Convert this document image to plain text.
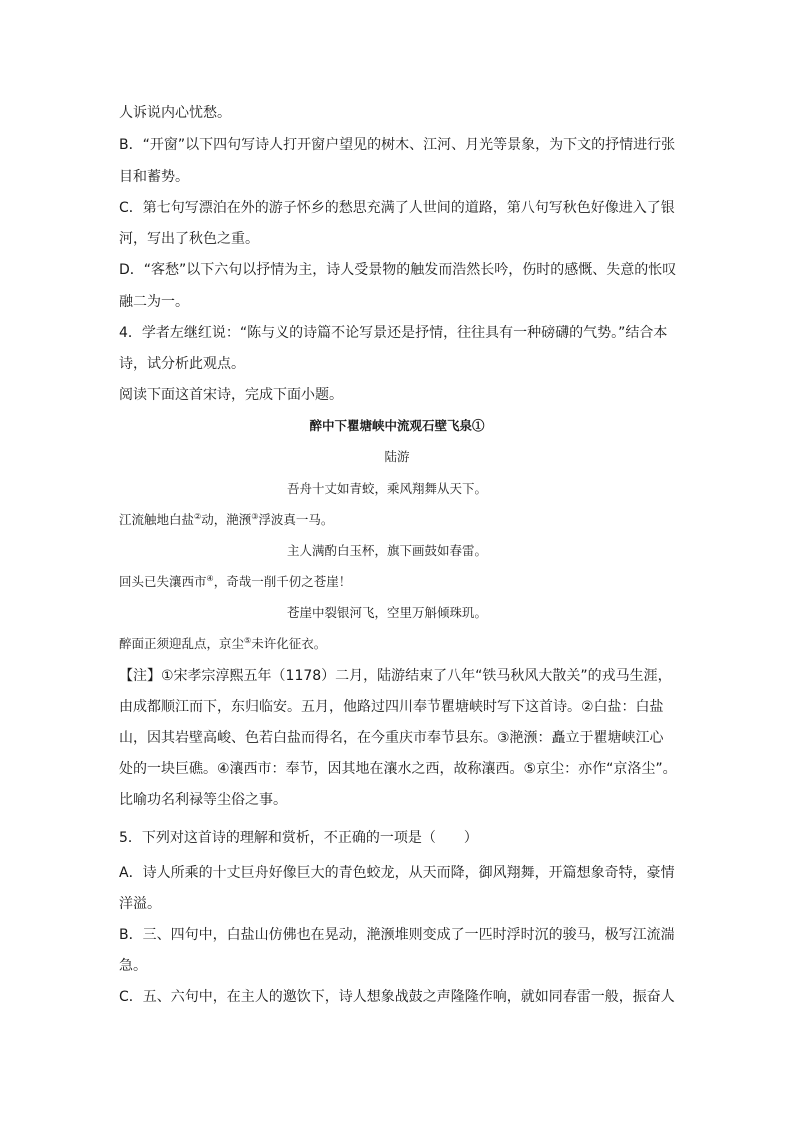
人诉说内心忧愁。
B．“开窗”以下四句写诗人打开窗户望见的树木、江河、月光等景象，为下文的抒情进行张
目和蓄势。
C．第七句写漂泊在外的游子怀乡的愁思充满了人世间的道路，第八句写秋色好像进入了银
河，写出了秋色之重。
D．“客愁”以下六句以抒情为主，诗人受景物的触发而浩然长吟，伤时的感慨、失意的怅叹
融二为一。
4．学者左继红说：“陈与义的诗篇不论写景还是抒情，往往具有一种磅礴的气势。”结合本
诗，试分析此观点。
阅读下面这首宋诗，完成下面小题。
醉中下瞿塘峡中流观石壁飞泉①
陆游
吾舟十丈如青蛟，乘风翔舞从天下。
江流触地白盐②动，滟滪③浮波真一马。
主人满酌白玉杯，旗下画鼓如春雷。
回头已失瀼西市④，奇哉一削千仞之苍崖！
苍崖中裂银河飞，空里万斛倾珠玑。
醉面正须迎乱点，京尘⑤未许化征衣。
【注】①宋孝宗淳熙五年（1178）二月，陆游结束了八年“铁马秋风大散关”的戎马生涯，
由成都顺江而下，东归临安。五月，他路过四川奉节瞿塘峡时写下这首诗。②白盐：白盐
山，因其岩壁高峻、色若白盐而得名，在今重庆市奉节县东。③滟滪：矗立于瞿塘峡江心
处的一块巨礁。④瀼西市：奉节，因其地在瀼水之西，故称瀼西。⑤京尘：亦作“京洛尘”。
比喻功名利禄等尘俗之事。
5．下列对这首诗的理解和赏析，不正确的一项是（　　）
A．诗人所乘的十丈巨舟好像巨大的青色蛟龙，从天而降，御风翔舞，开篇想象奇特，豪情
洋溢。
B．三、四句中，白盐山仿佛也在晃动，滟滪堆则变成了一匹时浮时沉的骏马，极写江流湍
急。
C．五、六句中，在主人的邀饮下，诗人想象战鼓之声隆隆作响，就如同春雷一般，振奋人
